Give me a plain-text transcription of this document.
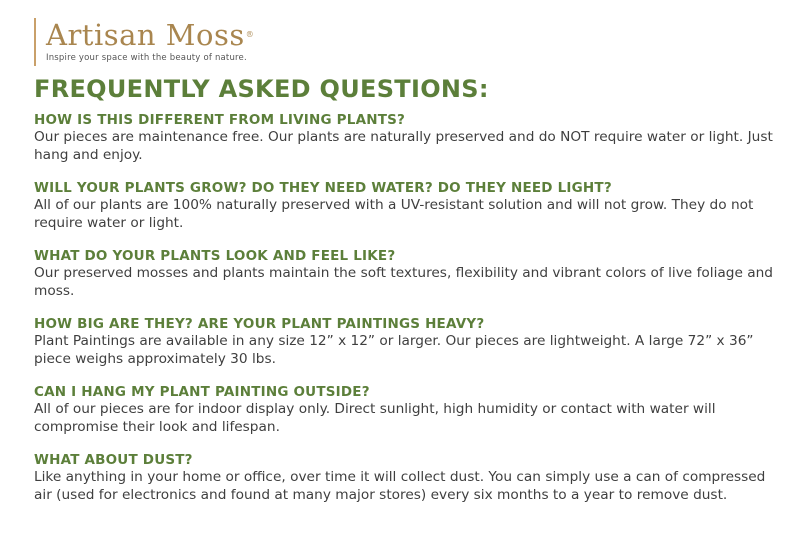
Artisan Moss®
Inspire your space with the beauty of nature.
FREQUENTLY ASKED QUESTIONS:
HOW IS THIS DIFFERENT FROM LIVING PLANTS?
Our pieces are maintenance free. Our plants are naturally preserved and do NOT require water or light. Just hang and enjoy.
WILL YOUR PLANTS GROW? DO THEY NEED WATER? DO THEY NEED LIGHT?
All of our plants are 100% naturally preserved with a UV-resistant solution and will not grow. They do not require water or light.
WHAT DO YOUR PLANTS LOOK AND FEEL LIKE?
Our preserved mosses and plants maintain the soft textures, flexibility and vibrant colors of live foliage and moss.
HOW BIG ARE THEY? ARE YOUR PLANT PAINTINGS HEAVY?
Plant Paintings are available in any size 12” x 12” or larger. Our pieces are lightweight. A large 72” x 36” piece weighs approximately 30 lbs.
CAN I HANG MY PLANT PAINTING OUTSIDE?
All of our pieces are for indoor display only. Direct sunlight, high humidity or contact with water will compromise their look and lifespan.
WHAT ABOUT DUST?
Like anything in your home or office, over time it will collect dust. You can simply use a can of compressed air (used for electronics and found at many major stores) every six months to a year to remove dust.
